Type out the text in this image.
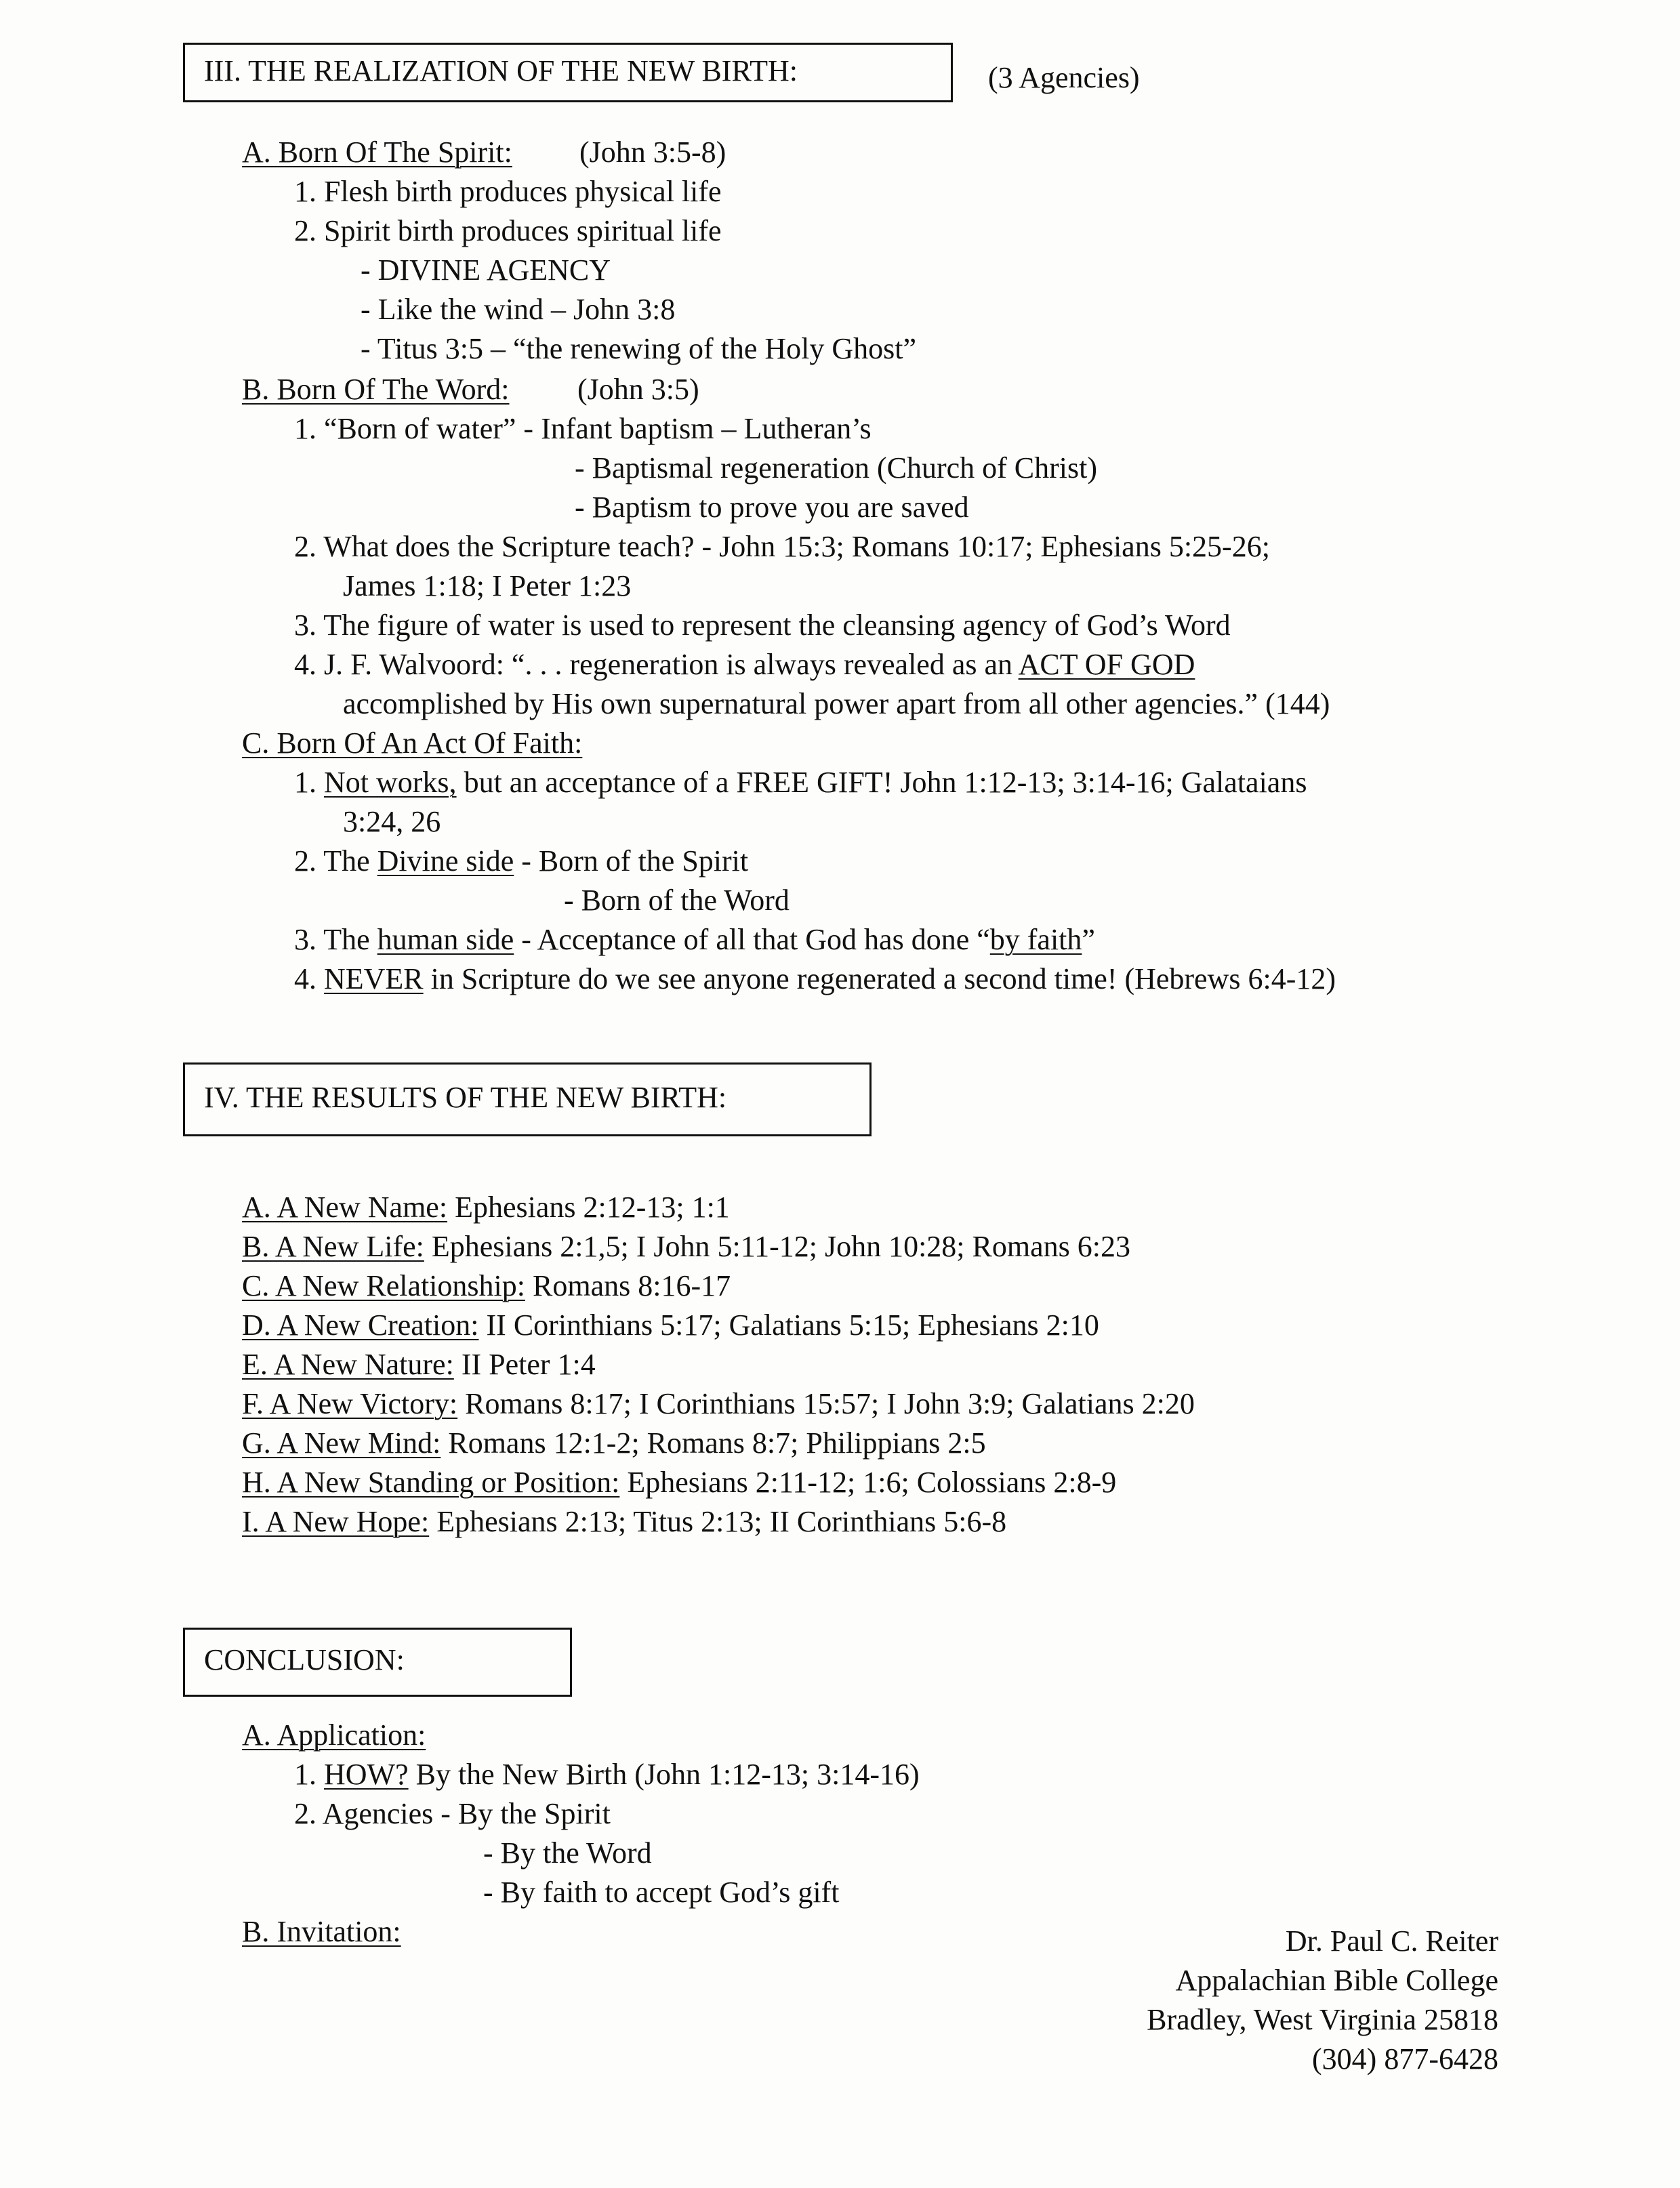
III. THE REALIZATION OF THE NEW BIRTH:	(3 Agencies)
A. Born Of The Spirit: (John 3:5-8)
1. Flesh birth produces physical life
2. Spirit birth produces spiritual life
- DIVINE AGENCY
- Like the wind – John 3:8
- Titus 3:5 – “the renewing of the Holy Ghost”
B. Born Of The Word: (John 3:5)
1. “Born of water” - Infant baptism – Lutheran’s
- Baptismal regeneration (Church of Christ)
- Baptism to prove you are saved
2. What does the Scripture teach? - John 15:3; Romans 10:17; Ephesians 5:25-26;
James 1:18; I Peter 1:23
3. The figure of water is used to represent the cleansing agency of God’s Word
4. J. F. Walvoord: “. . . regeneration is always revealed as an ACT OF GOD
accomplished by His own supernatural power apart from all other agencies.” (144)
C. Born Of An Act Of Faith:
1. Not works, but an acceptance of a FREE GIFT! John 1:12-13; 3:14-16; Galataians
3:24, 26
2. The Divine side - Born of the Spirit
- Born of the Word
3. The human side - Acceptance of all that God has done “by faith”
4. NEVER in Scripture do we see anyone regenerated a second time! (Hebrews 6:4-12)
IV. THE RESULTS OF THE NEW BIRTH:
A. A New Name: Ephesians 2:12-13; 1:1
B. A New Life: Ephesians 2:1,5; I John 5:11-12; John 10:28; Romans 6:23
C. A New Relationship: Romans 8:16-17
D. A New Creation: II Corinthians 5:17; Galatians 5:15; Ephesians 2:10
E. A New Nature: II Peter 1:4
F. A New Victory: Romans 8:17; I Corinthians 15:57; I John 3:9; Galatians 2:20
G. A New Mind: Romans 12:1-2; Romans 8:7; Philippians 2:5
H. A New Standing or Position: Ephesians 2:11-12; 1:6; Colossians 2:8-9
I. A New Hope: Ephesians 2:13; Titus 2:13; II Corinthians 5:6-8
CONCLUSION:
A. Application:
1. HOW? By the New Birth (John 1:12-13; 3:14-16)
2. Agencies - By the Spirit
- By the Word
- By faith to accept God’s gift
B. Invitation:	Dr. Paul C. Reiter
Appalachian Bible College
Bradley, West Virginia 25818
(304) 877-6428
